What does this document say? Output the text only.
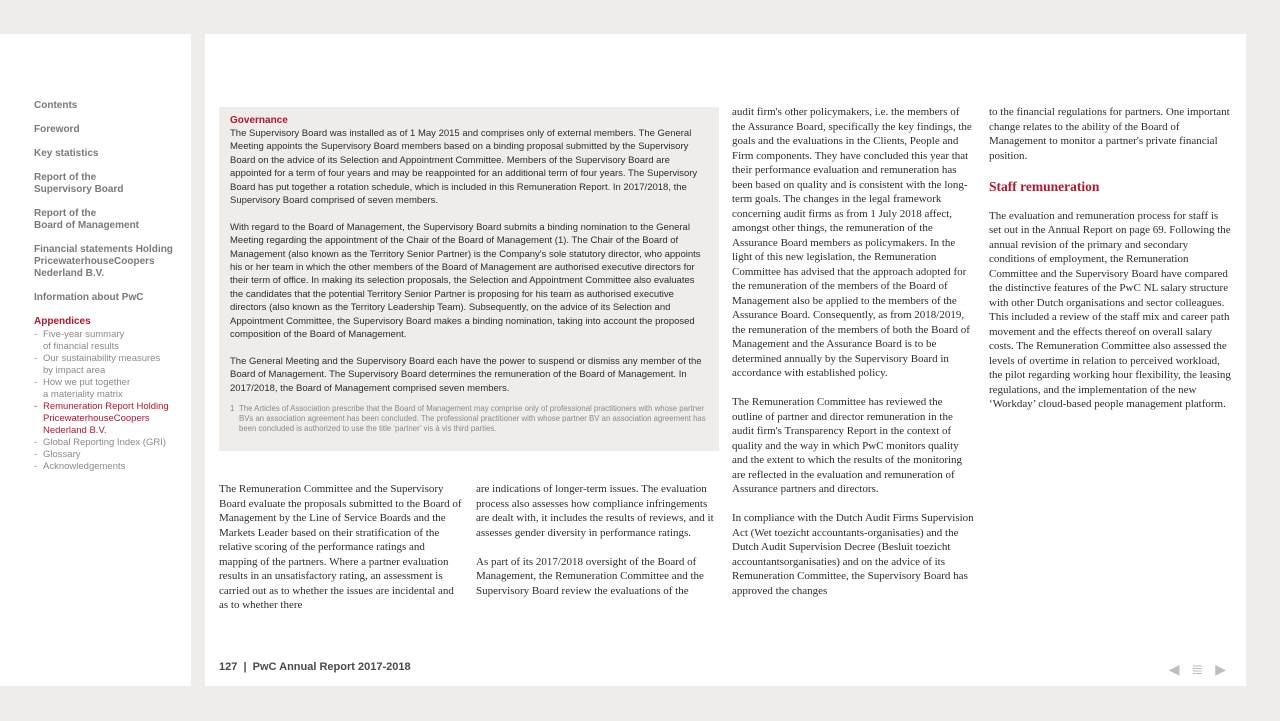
Contents
Foreword
Key statistics
Report of the
Supervisory Board
Report of the
Board of Management
Financial statements Holding
PricewaterhouseCoopers
Nederland B.V.
Information about PwC
Appendices
- Five-year summary
of financial results
- Our sustainability measures
by impact area
- How we put together
a materiality matrix
- Remuneration Report Holding
PricewaterhouseCoopers
Nederland B.V.
- Global Reporting Index (GRI)
- Glossary
- Acknowledgements
Governance

The Supervisory Board was installed as of 1 May 2015 and comprises only of external members. The General Meeting appoints the Supervisory Board members based on a binding proposal submitted by the Supervisory Board on the advice of its Selection and Appointment Committee. Members of the Supervisory Board are appointed for a term of four years and may be reappointed for an additional term of four years. The Supervisory Board has put together a rotation schedule, which is included in this Remuneration Report. In 2017/2018, the Supervisory Board comprised of seven members.

With regard to the Board of Management, the Supervisory Board submits a binding nomination to the General Meeting regarding the appointment of the Chair of the Board of Management (1). The Chair of the Board of Management (also known as the Territory Senior Partner) is the Company's sole statutory director, who appoints his or her team in which the other members of the Board of Management are authorised executive directors for their term of office. In making its selection proposals, the Selection and Appointment Committee also evaluates the candidates that the potential Territory Senior Partner is proposing for his team as authorised executive directors (also known as the Territory Leadership Team). Subsequently, on the advice of its Selection and Appointment Committee, the Supervisory Board makes a binding nomination, taking into account the proposed composition of the Board of Management.

The General Meeting and the Supervisory Board each have the power to suspend or dismiss any member of the Board of Management. The Supervisory Board determines the remuneration of the Board of Management. In 2017/2018, the Board of Management comprised seven members.

1 The Articles of Association prescribe that the Board of Management may comprise only of professional practitioners with whose partner BVs an association agreement has been concluded. The professional practitioner with whose partner BV an association agreement has been concluded is authorized to use the title ‘partner’ vis à vis third parties.

The Remuneration Committee and the Supervisory Board evaluate the proposals submitted to the Board of Management by the Line of Service Boards and the Markets Leader based on their stratification of the relative scoring of the performance ratings and mapping of the partners. Where a partner evaluation results in an unsatisfactory rating, an assessment is carried out as to whether the issues are incidental and as to whether there

are indications of longer-term issues. The evaluation process also assesses how compliance infringements are dealt with, it includes the results of reviews, and it assesses gender diversity in performance ratings.

As part of its 2017/2018 oversight of the Board of Management, the Remuneration Committee and the Supervisory Board review the evaluations of the

audit firm's other policymakers, i.e. the members of the Assurance Board, specifically the key findings, the goals and the evaluations in the Clients, People and Firm components. They have concluded this year that their performance evaluation and remuneration has been based on quality and is consistent with the long-term goals. The changes in the legal framework concerning audit firms as from 1 July 2018 affect, amongst other things, the remuneration of the Assurance Board members as policymakers. In the light of this new legislation, the Remuneration Committee has advised that the approach adopted for the remuneration of the members of the Board of Management also be applied to the members of the Assurance Board. Consequently, as from 2018/2019, the remuneration of the members of both the Board of Management and the Assurance Board is to be determined annually by the Supervisory Board in accordance with established policy.

The Remuneration Committee has reviewed the outline of partner and director remuneration in the audit firm's Transparency Report in the context of quality and the way in which PwC monitors quality and the extent to which the results of the monitoring are reflected in the evaluation and remuneration of Assurance partners and directors.

In compliance with the Dutch Audit Firms Supervision Act (Wet toezicht accountants-organisaties) and the Dutch Audit Supervision Decree (Besluit toezicht accountantsorganisaties) and on the advice of its Remuneration Committee, the Supervisory Board has approved the changes

to the financial regulations for partners. One important change relates to the ability of the Board of Management to monitor a partner's private financial position.

Staff remuneration

The evaluation and remuneration process for staff is set out in the Annual Report on page 69. Following the annual revision of the primary and secondary conditions of employment, the Remuneration Committee and the Supervisory Board have compared the distinctive features of the PwC NL salary structure with other Dutch organisations and sector colleagues. This included a review of the staff mix and career path movement and the effects thereof on overall salary costs. The Remuneration Committee also assessed the levels of overtime in relation to perceived workload, the pilot regarding working hour flexibility, the leasing regulations, and the implementation of the new ‘Workday’ cloud-based people management platform.

127  |  PwC Annual Report 2017-2018	◀ ≣ ▶
